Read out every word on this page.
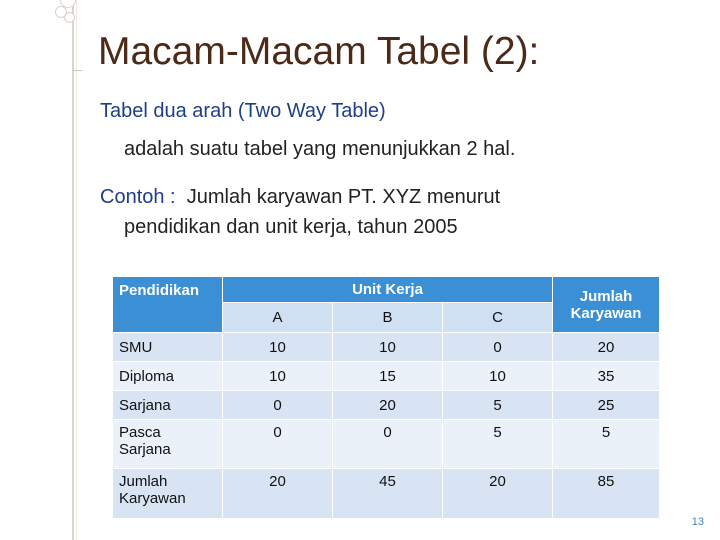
Macam-Macam Tabel (2):
Tabel dua arah (Two Way Table)
adalah suatu tabel yang menunjukkan 2 hal.
Contoh : Jumlah karyawan PT. XYZ menurut
pendidikan dan unit kerja, tahun 2005
Pendidikan	Unit Kerja			Jumlah Karyawan
	A	B	C	
SMU	10	10	0	20
Diploma	10	15	10	35
Sarjana	0	20	5	25
Pasca Sarjana	0	0	5	5
Jumlah Karyawan	20	45	20	85
13
